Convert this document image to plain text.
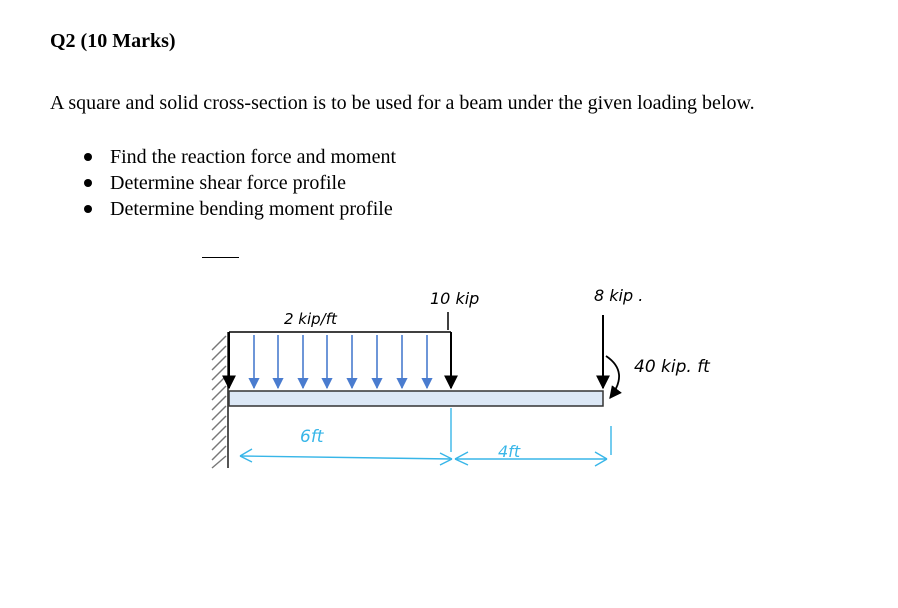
Q2 (10 Marks)
A square and solid cross-section is to be used for a beam under the given loading below.
Find the reaction force and moment
Determine shear force profile
Determine bending moment profile
2 kip/ft
10 kip	8 kip .
40 kip. ft
6ft
4ft
